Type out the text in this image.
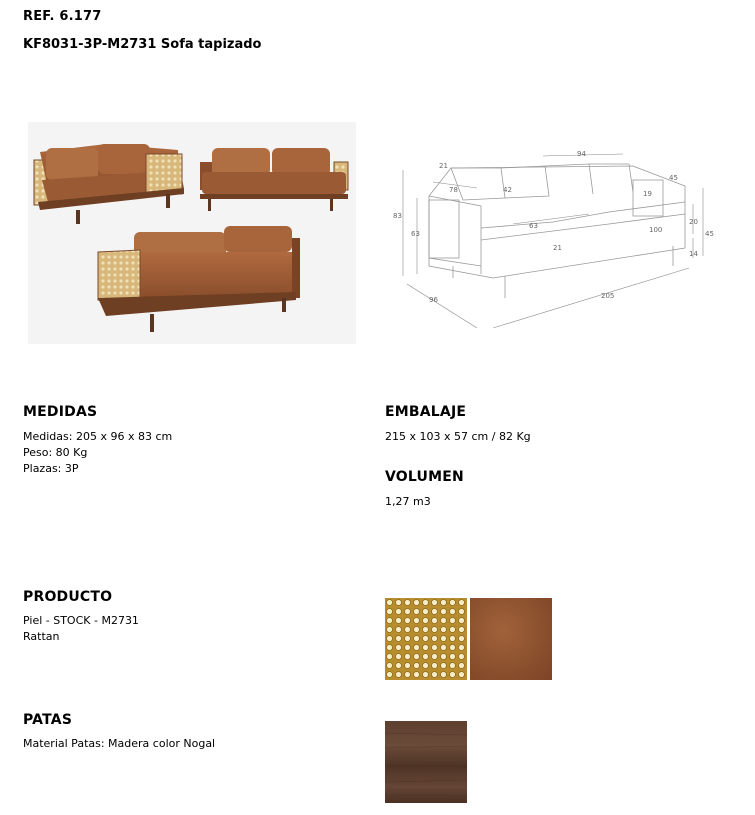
REF. 6.177
KF8031-3P-M2731 Sofa tapizado
94
45
21
78	42
83
63
63
19
20
100	45
14
21
96	205
MEDIDAS
Medidas: 205 x 96 x 83 cm
Peso: 80 Kg
Plazas: 3P
EMBALAJE
215 x 103 x 57 cm / 82 Kg
VOLUMEN
1,27 m3
PRODUCTO
Piel - STOCK - M2731
Rattan
PATAS
Material Patas: Madera color Nogal
